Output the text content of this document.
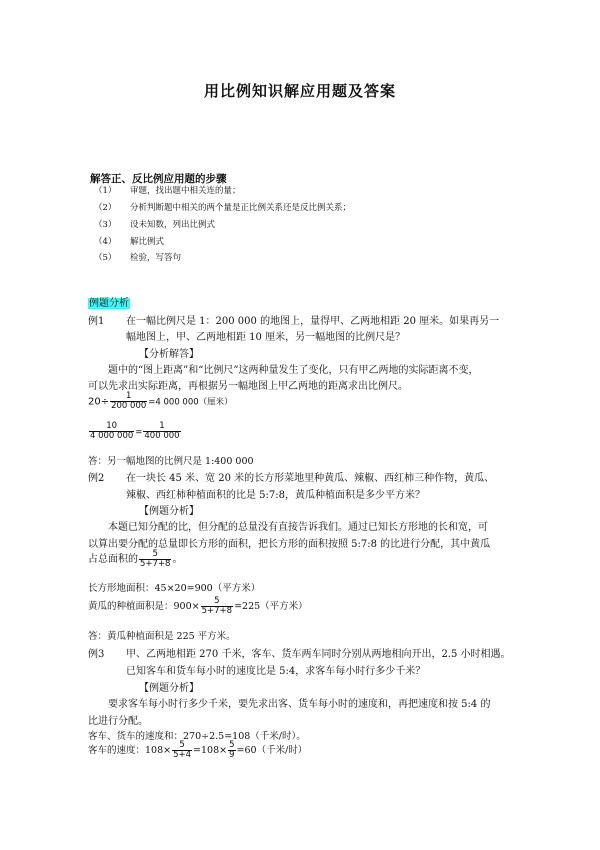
用比例知识解应用题及答案
解答正、反比例应用题的步骤
（1） 审题，找出题中相关连的量；
（2） 分析判断题中相关的两个量是正比例关系还是反比例关系；
（3） 设未知数，列出比例式
（4） 解比例式
（5） 检验，写答句
例题分析
例1 在一幅比例尺是 1：200 000 的地图上，量得甲、乙两地相距 20 厘米。如果再另一
幅地图上，甲、乙两地相距 10 厘米，另一幅地图的比例尺是？
【分析解答】
题中的“图上距离”和“比例尺”这两种量发生了变化，只有甲乙两地的实际距离不变，
可以先求出实际距离，再根据另一幅地图上甲乙两地的距离求出比例尺。
$20\div \frac{1}{200 000} =4$ 000 000（厘米）
$\frac{10}{4 000 000} = \frac{1}{400 000}$
答：另一幅地图的比例尺是 1:400 000
例2 在一块长 45 米、宽 20 米的长方形菜地里种黄瓜、辣椒、西红柿三种作物，黄瓜、
辣椒、西红柿种植面积的比是 5:7:8，黄瓜种植面积是多少平方米？
【例题分析】
本题已知分配的比，但分配的总量没有直接告诉我们。通过已知长方形地的长和宽，可
以算出要分配的总量即长方形的面积，把长方形的面积按照 5:7:8 的比进行分配，其中黄瓜
占总面积的 $\frac{5}{5+7+8}$ 。
长方形地面积：45×20=900（平方米）
黄瓜的种植面积是：$900\times \frac{5}{5+7+8} =225$（平方米）
答：黄瓜种植面积是 225 平方米。
例3 甲、乙两地相距 270 千米，客车、货车两车同时分别从两地相向开出，2.5 小时相遇。
已知客车和货车每小时的速度比是 5:4，求客车每小时行多少千米？
【例题分析】
要求客车每小时行多少千米，要先求出客、货车每小时的速度和，再把速度和按 5:4 的
比进行分配。
客车、货车的速度和：270÷2.5=108（千米/时）。
客车的速度：$108\times \frac{5}{5+4} =108\times \frac{5}{9} =60$（千米/时）
